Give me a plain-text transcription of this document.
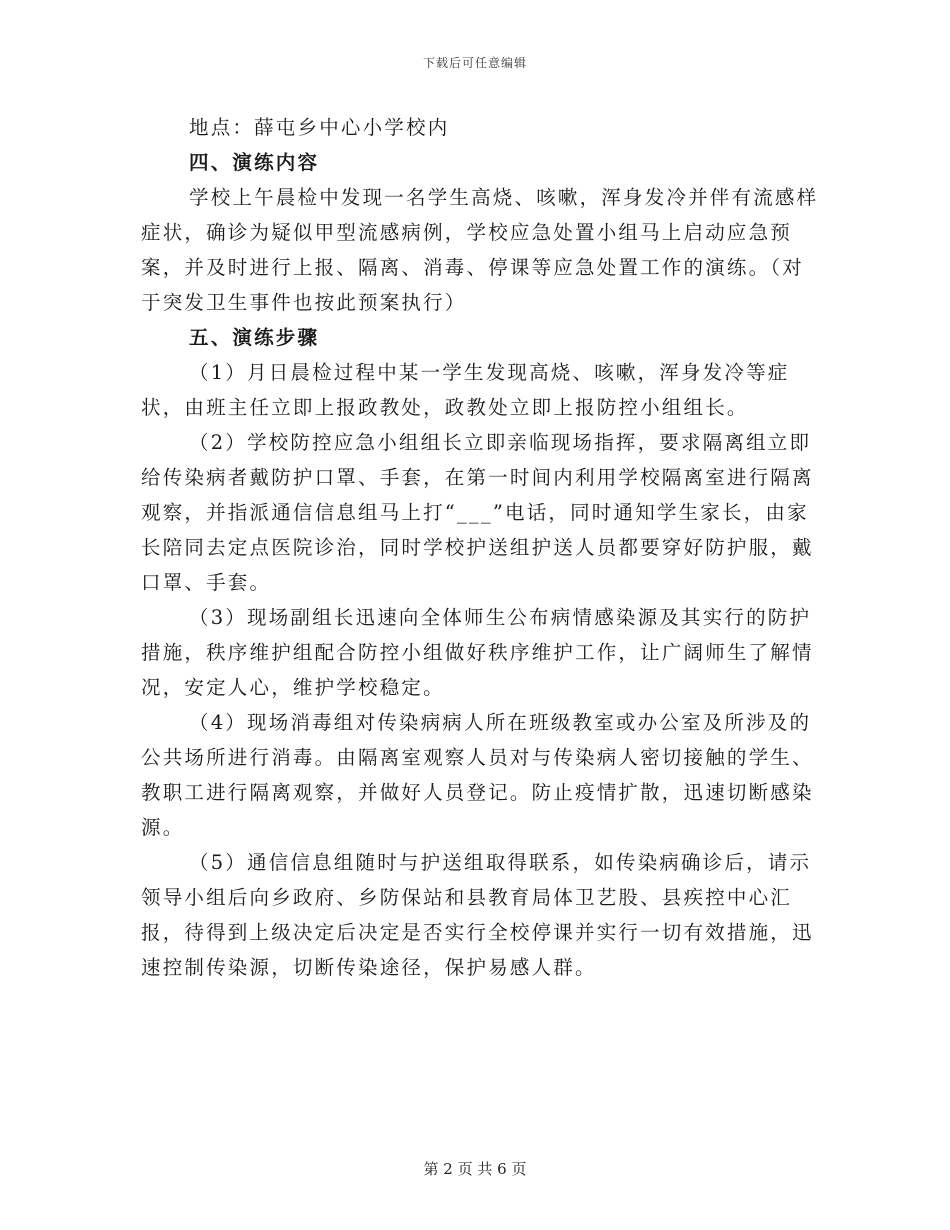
下载后可任意编辑

地点：薛屯乡中心小学校内

四、演练内容

学校上午晨检中发现一名学生高烧、咳嗽，浑身发冷并伴有流感样症状，确诊为疑似甲型流感病例，学校应急处置小组马上启动应急预案，并及时进行上报、隔离、消毒、停课等应急处置工作的演练。（对于突发卫生事件也按此预案执行）

五、演练步骤

（1）月日晨检过程中某一学生发现高烧、咳嗽，浑身发冷等症状，由班主任立即上报政教处，政教处立即上报防控小组组长。

（2）学校防控应急小组组长立即亲临现场指挥，要求隔离组立即给传染病者戴防护口罩、手套，在第一时间内利用学校隔离室进行隔离观察，并指派通信信息组马上打“___”电话，同时通知学生家长，由家长陪同去定点医院诊治，同时学校护送组护送人员都要穿好防护服，戴口罩、手套。

（3）现场副组长迅速向全体师生公布病情感染源及其实行的防护措施，秩序维护组配合防控小组做好秩序维护工作，让广阔师生了解情况，安定人心，维护学校稳定。

（4）现场消毒组对传染病病人所在班级教室或办公室及所涉及的公共场所进行消毒。由隔离室观察人员对与传染病人密切接触的学生、教职工进行隔离观察，并做好人员登记。防止疫情扩散，迅速切断感染源。

（5）通信信息组随时与护送组取得联系，如传染病确诊后，请示领导小组后向乡政府、乡防保站和县教育局体卫艺股、县疾控中心汇报，待得到上级决定后决定是否实行全校停课并实行一切有效措施，迅速控制传染源，切断传染途径，保护易感人群。

第 2 页 共 6 页
